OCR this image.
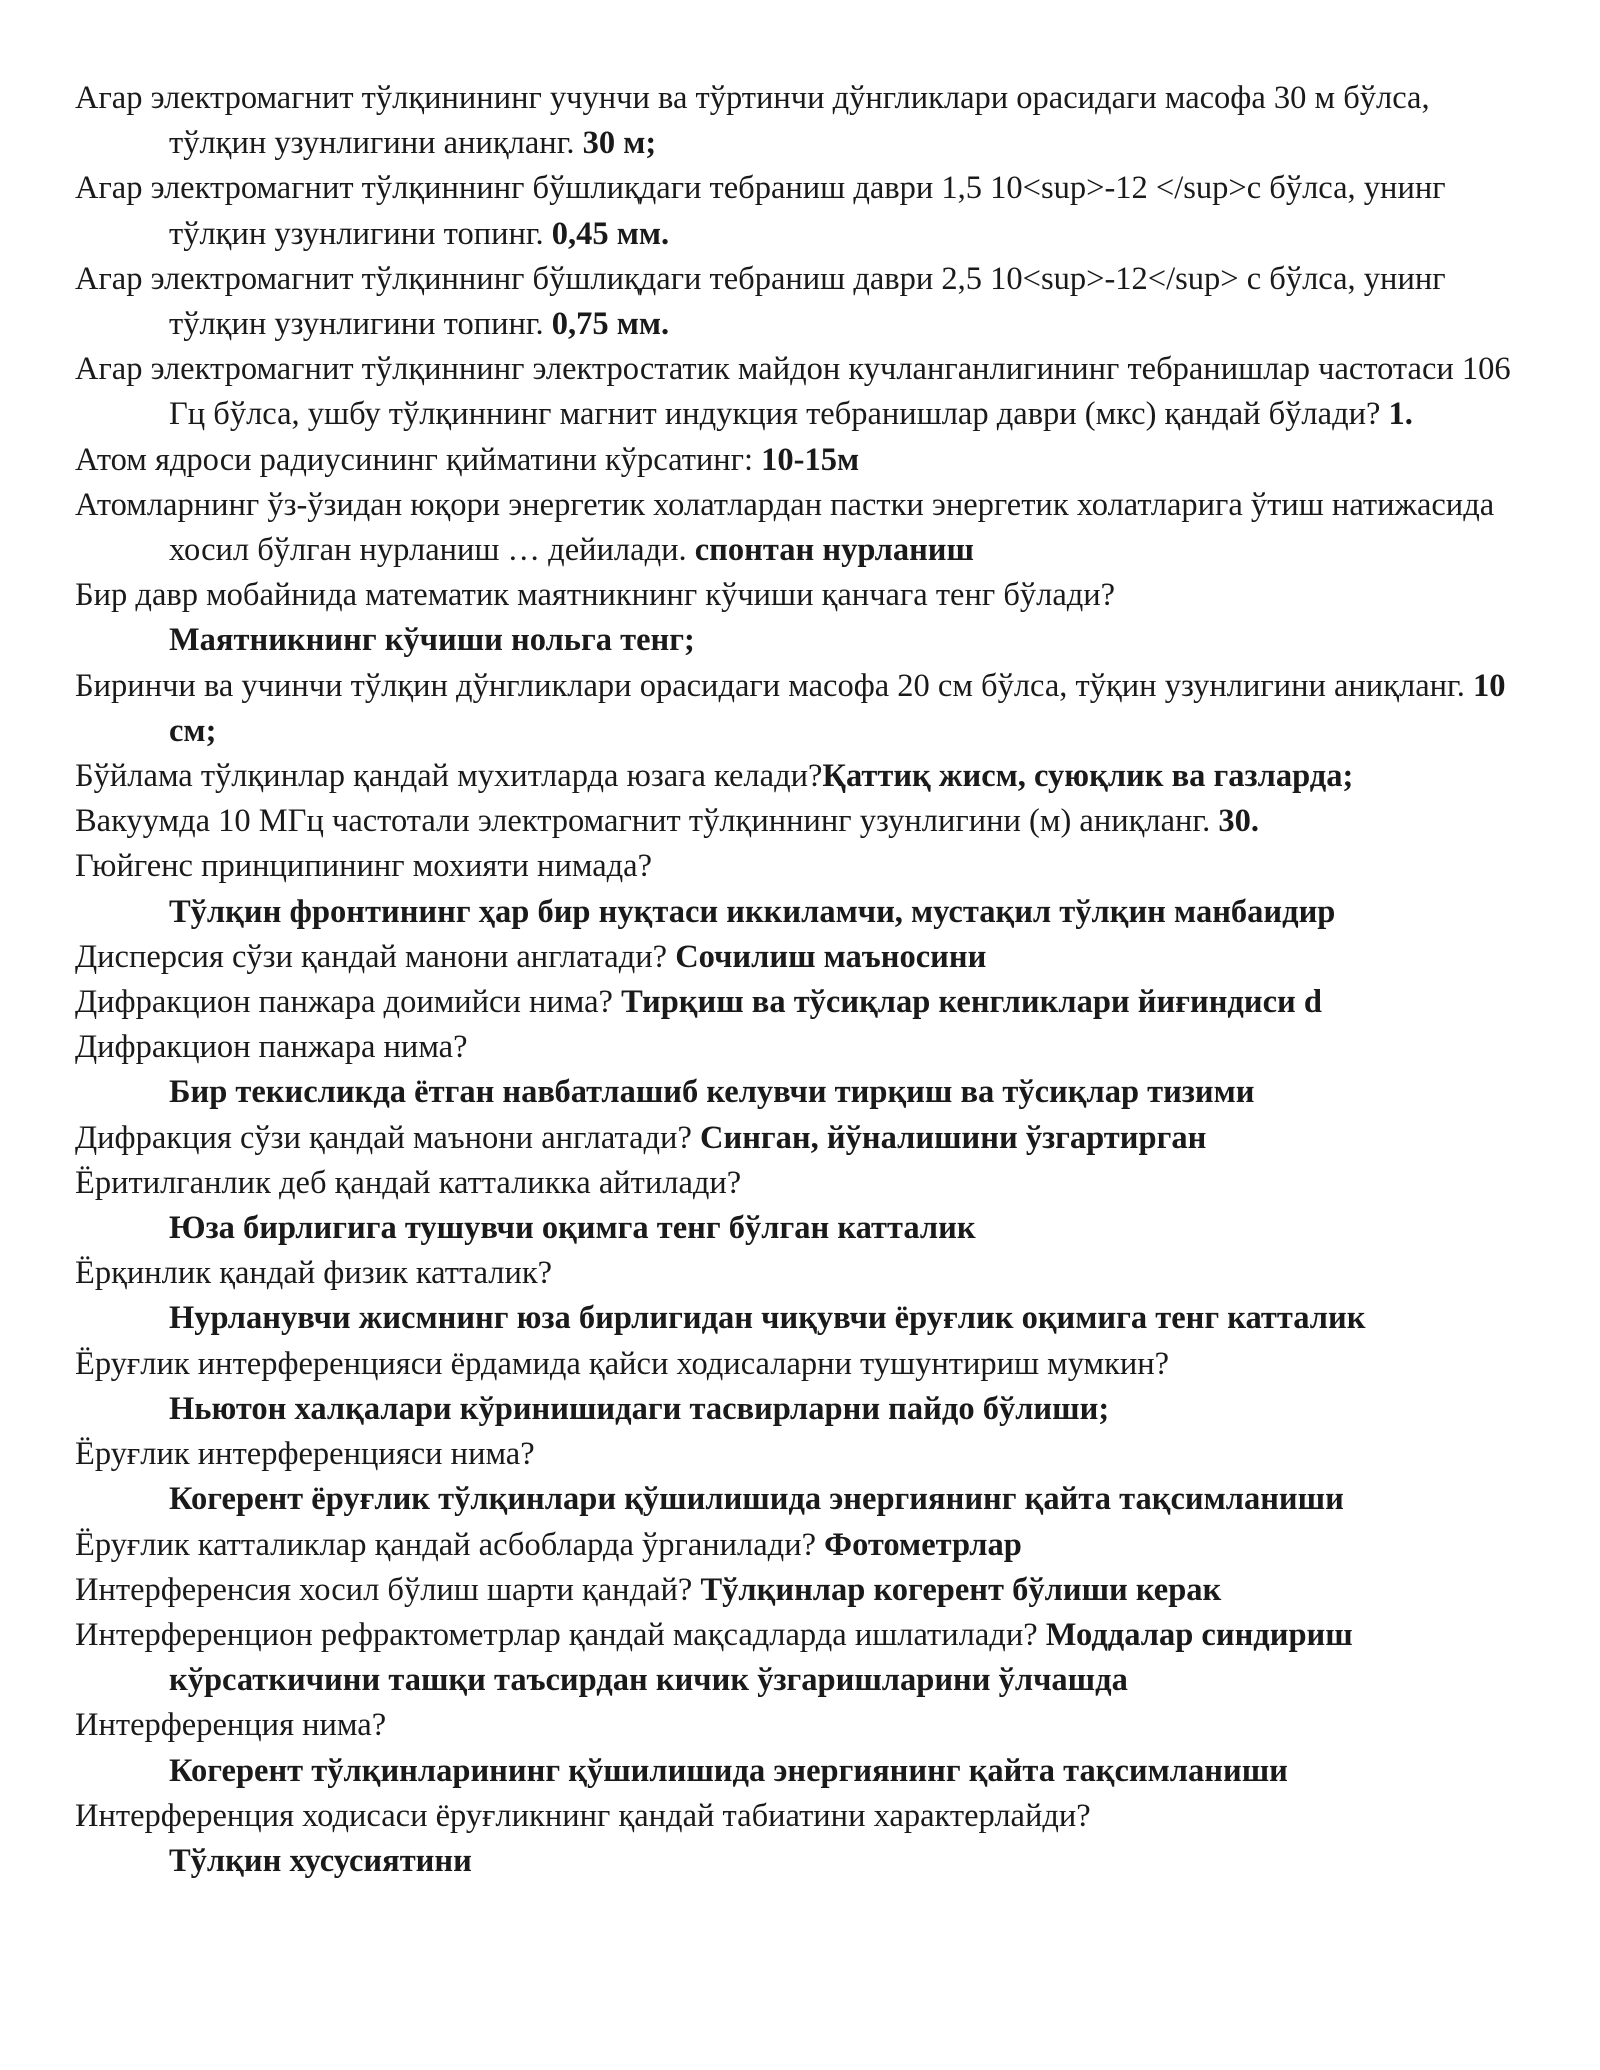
Агар электромагнит тўлқинининг учунчи ва тўртинчи дўнгликлари орасидаги масофа 30 м бўлса, тўлқин узунлигини аниқланг. 30 м;

Агар электромагнит тўлқиннинг бўшлиқдаги тебраниш даври 1,5 10<sup>-12 </sup>с бўлса, унинг тўлқин узунлигини топинг. 0,45 мм.

Агар электромагнит тўлқиннинг бўшлиқдаги тебраниш даври 2,5 10<sup>-12</sup> с бўлса, унинг тўлқин узунлигини топинг. 0,75 мм.

Агар электромагнит тўлқиннинг электростатик майдон кучланганлигининг тебранишлар частотаси 106 Гц бўлса, ушбу тўлқиннинг магнит индукция тебранишлар даври (мкс) қандай бўлади? 1.

Атом ядроси радиусининг қийматини кўрсатинг: 10-15м

Атомларнинг ўз-ўзидан юқори энергетик холатлардан пастки энергетик холатларига ўтиш натижасида хосил бўлган нурланиш … дейилади. спонтан нурланиш

Бир давр мобайнида математик маятникнинг кўчиши қанчага тенг бўлади?
Маятникнинг кўчиши нольга тенг;

Биринчи ва учинчи тўлқин дўнгликлари орасидаги масофа 20 см бўлса, тўқин узунлигини аниқланг. 10 см;

Бўйлама тўлқинлар қандай мухитларда юзага келади?Қаттиқ жисм, суюқлик ва газларда;

Вакуумда 10 МГц частотали электромагнит тўлқиннинг узунлигини (м) аниқланг. 30.

Гюйгенс принципининг мохияти нимада?
Тўлқин фронтининг ҳар бир нуқтаси иккиламчи, мустақил тўлқин манбаидир

Дисперсия сўзи қандай манони англатади? Сочилиш маъносини

Дифракцион панжара доимийси нима? Тирқиш ва тўсиқлар кенгликлари йиғиндиси d

Дифракцион панжара нима?
Бир текисликда ётган навбатлашиб келувчи тирқиш ва тўсиқлар тизими

Дифракция сўзи қандай маънони англатади? Синган, йўналишини ўзгартирган

Ёритилганлик деб қандай катталиккa айтилади?
Юза бирлигига тушувчи оқимга тенг бўлган катталик

Ёрқинлик қандай физик катталик?
Нурланувчи жисмнинг юза бирлигидан чиқувчи ёруғлик оқимига тенг катталик

Ёруғлик интерференцияси ёрдамида қайси ходисаларни тушунтириш мумкин?
Ньютон халқалари кўринишидаги тасвирларни пайдо бўлиши;

Ёруғлик интерференцияси нима?
Когерент ёруғлик тўлқинлари қўшилишида энергиянинг қайта тақсимланиши

Ёруғлик катталиклар қандай асбобларда ўрганилади? Фотометрлар

Интерференсия хосил бўлиш шарти қандай? Тўлқинлар когерент бўлиши керак

Интерференцион рефрактометрлар қандай мақсадларда ишлатилади? Моддалар синдириш кўрсаткичини ташқи таъсирдан кичик ўзгаришларини ўлчашда

Интерференция нима?
Когерент тўлқинларининг қўшилишида энергиянинг қайта тақсимланиши

Интерференция ходисаси ёруғликнинг қандай табиатини характерлайди?
Тўлқин хусусиятини
